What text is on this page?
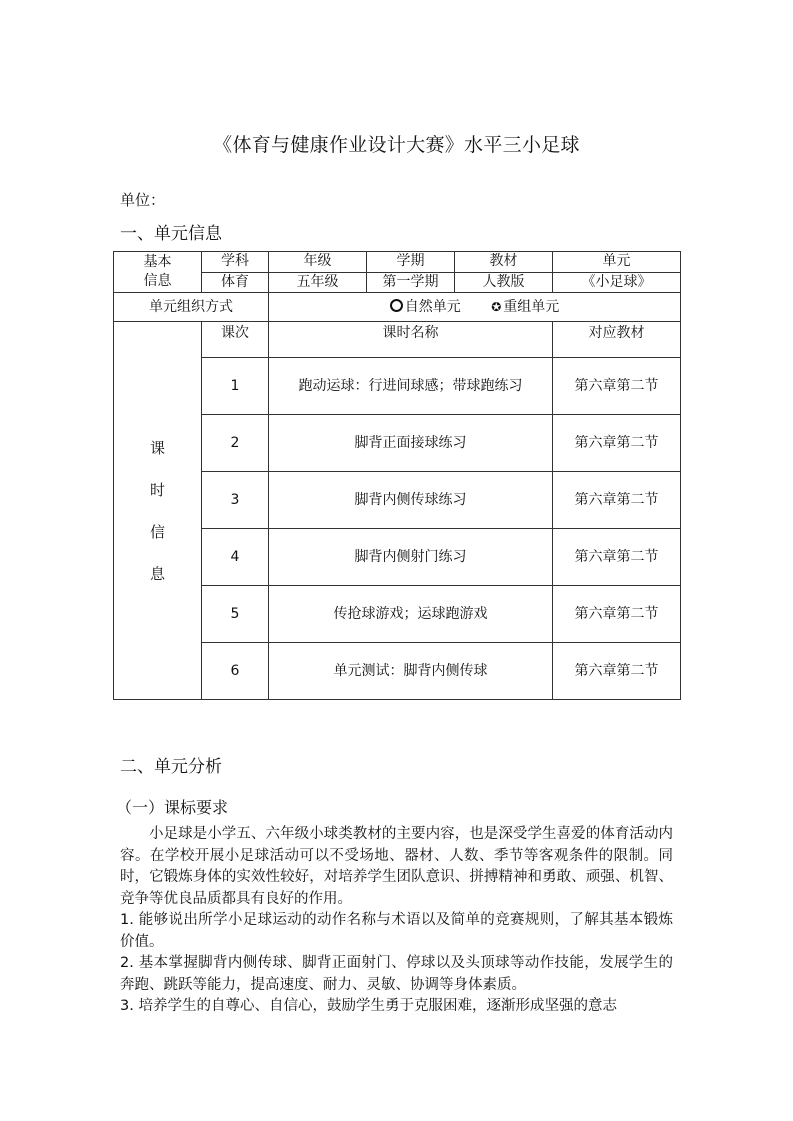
《体育与健康作业设计大赛》水平三小足球
单位：
一、单元信息
基本
信息	学科	年级	学期	教材	单元
	体育	五年级	第一学期	人教版	《小足球》
单元组织方式		自然单元 ✪ 重组单元			

课
时
信
息	课次	课时名称			对应教材
	1	跑动运球：行进间球感；带球跑练习			第六章第二节
	2	脚背正面接球练习			第六章第二节
	3	脚背内侧传球练习			第六章第二节
	4	脚背内侧射门练习			第六章第二节
	5	传抢球游戏；运球跑游戏			第六章第二节
	6	单元测试：脚背内侧传球			第六章第二节
二、单元分析
（一）课标要求

小足球是小学五、六年级小球类教材的主要内容，也是深受学生喜爱的体育活动内容。在学校开展小足球活动可以不受场地、器材、人数、季节等客观条件的限制。同时，它锻炼身体的实效性较好，对培养学生团队意识、拼搏精神和勇敢、顽强、机智、竞争等优良品质都具有良好的作用。

1. 能够说出所学小足球运动的动作名称与术语以及简单的竞赛规则，了解其基本锻炼价值。

2. 基本掌握脚背内侧传球、脚背正面射门、停球以及头顶球等动作技能，发展学生的奔跑、跳跃等能力，提高速度、耐力、灵敏、协调等身体素质。

3. 培养学生的自尊心、自信心，鼓励学生勇于克服困难，逐渐形成坚强的意志
